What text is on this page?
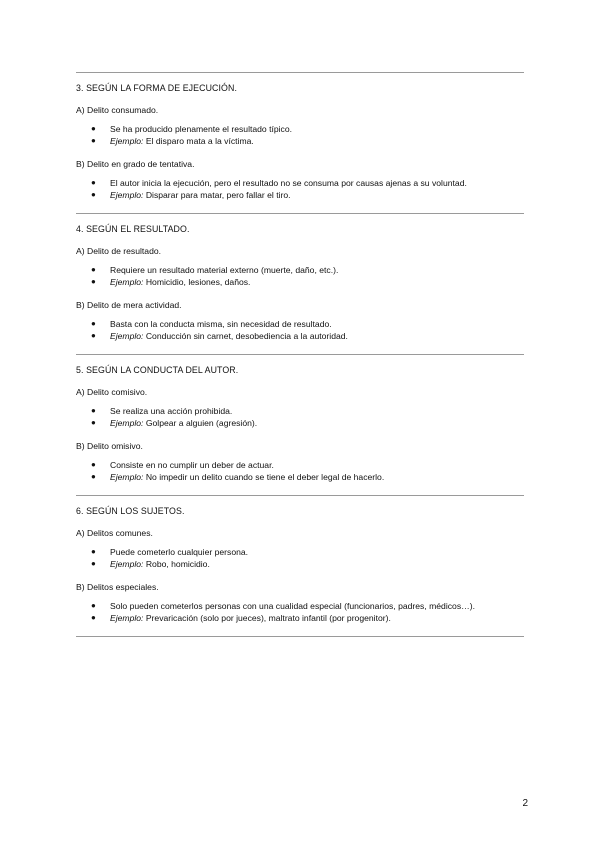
3. SEGÚN LA FORMA DE EJECUCIÓN.
A) Delito consumado.
● Se ha producido plenamente el resultado típico.
● Ejemplo: El disparo mata a la víctima.
B) Delito en grado de tentativa.
● El autor inicia la ejecución, pero el resultado no se consuma por causas ajenas a su voluntad.
● Ejemplo: Disparar para matar, pero fallar el tiro.
4. SEGÚN EL RESULTADO.
A) Delito de resultado.
● Requiere un resultado material externo (muerte, daño, etc.).
● Ejemplo: Homicidio, lesiones, daños.
B) Delito de mera actividad.
● Basta con la conducta misma, sin necesidad de resultado.
● Ejemplo: Conducción sin carnet, desobediencia a la autoridad.
5. SEGÚN LA CONDUCTA DEL AUTOR.
A) Delito comisivo.
● Se realiza una acción prohibida.
● Ejemplo: Golpear a alguien (agresión).
B) Delito omisivo.
● Consiste en no cumplir un deber de actuar.
● Ejemplo: No impedir un delito cuando se tiene el deber legal de hacerlo.
6. SEGÚN LOS SUJETOS.
A) Delitos comunes.
● Puede cometerlo cualquier persona.
● Ejemplo: Robo, homicidio.
B) Delitos especiales.
● Solo pueden cometerlos personas con una cualidad especial (funcionarios, padres, médicos…).
● Ejemplo: Prevaricación (solo por jueces), maltrato infantil (por progenitor).
2
